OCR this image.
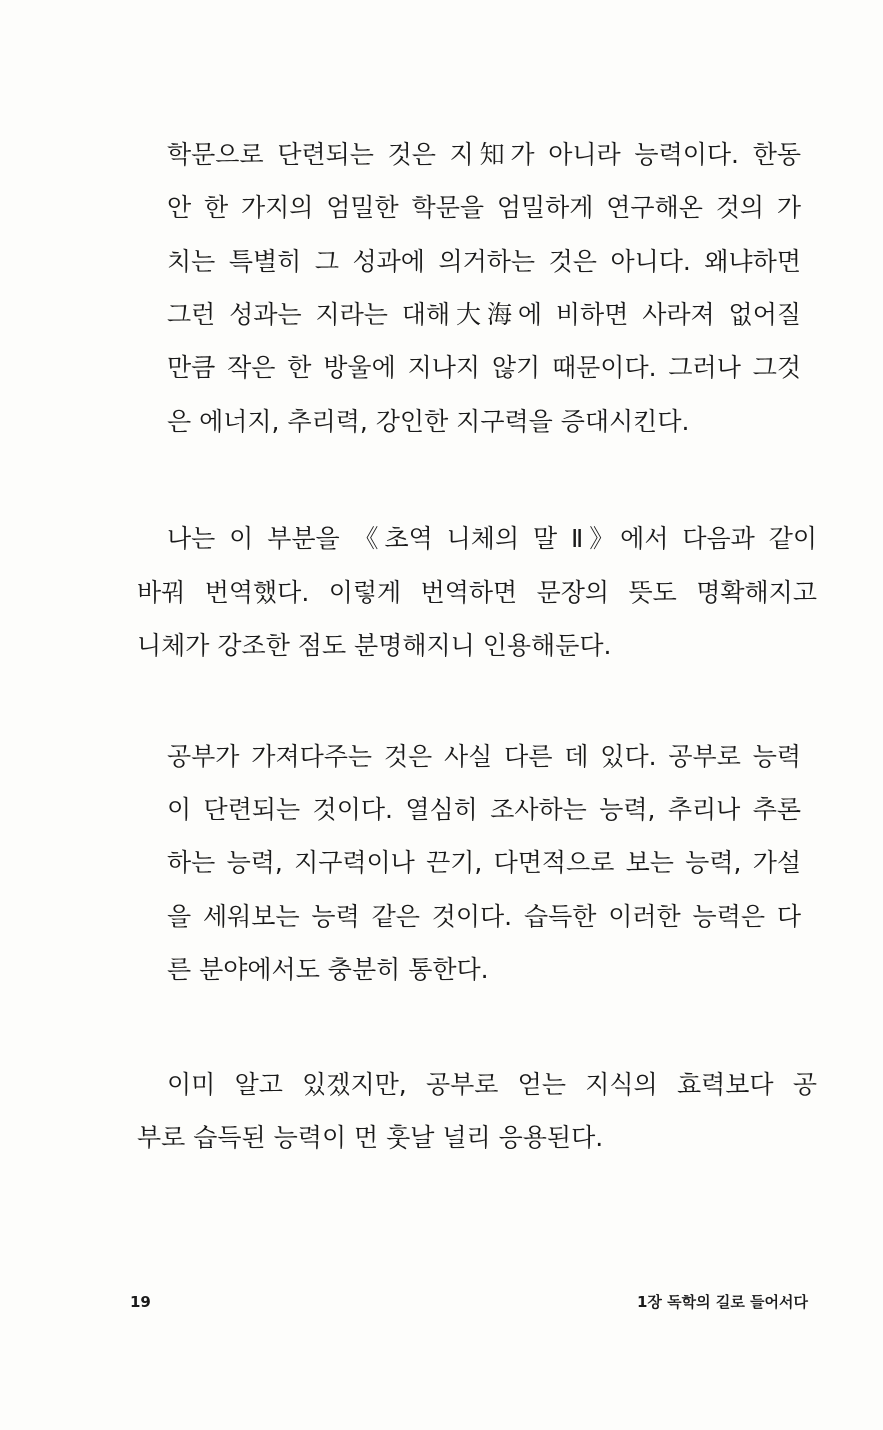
학문으로 단련되는 것은 지知가 아니라 능력이다. 한동
안 한 가지의 엄밀한 학문을 엄밀하게 연구해온 것의 가
치는 특별히 그 성과에 의거하는 것은 아니다. 왜냐하면
그런 성과는 지라는 대해大海에 비하면 사라져 없어질
만큼 작은 한 방울에 지나지 않기 때문이다. 그러나 그것
은 에너지, 추리력, 강인한 지구력을 증대시킨다.
나는 이 부분을 《초역 니체의 말 Ⅱ》에서 다음과 같이
바꿔 번역했다. 이렇게 번역하면 문장의 뜻도 명확해지고
니체가 강조한 점도 분명해지니 인용해둔다.
공부가 가져다주는 것은 사실 다른 데 있다. 공부로 능력
이 단련되는 것이다. 열심히 조사하는 능력, 추리나 추론
하는 능력, 지구력이나 끈기, 다면적으로 보는 능력, 가설
을 세워보는 능력 같은 것이다. 습득한 이러한 능력은 다
른 분야에서도 충분히 통한다.
이미 알고 있겠지만, 공부로 얻는 지식의 효력보다 공
부로 습득된 능력이 먼 훗날 널리 응용된다.
19	1장 독학의 길로 들어서다
